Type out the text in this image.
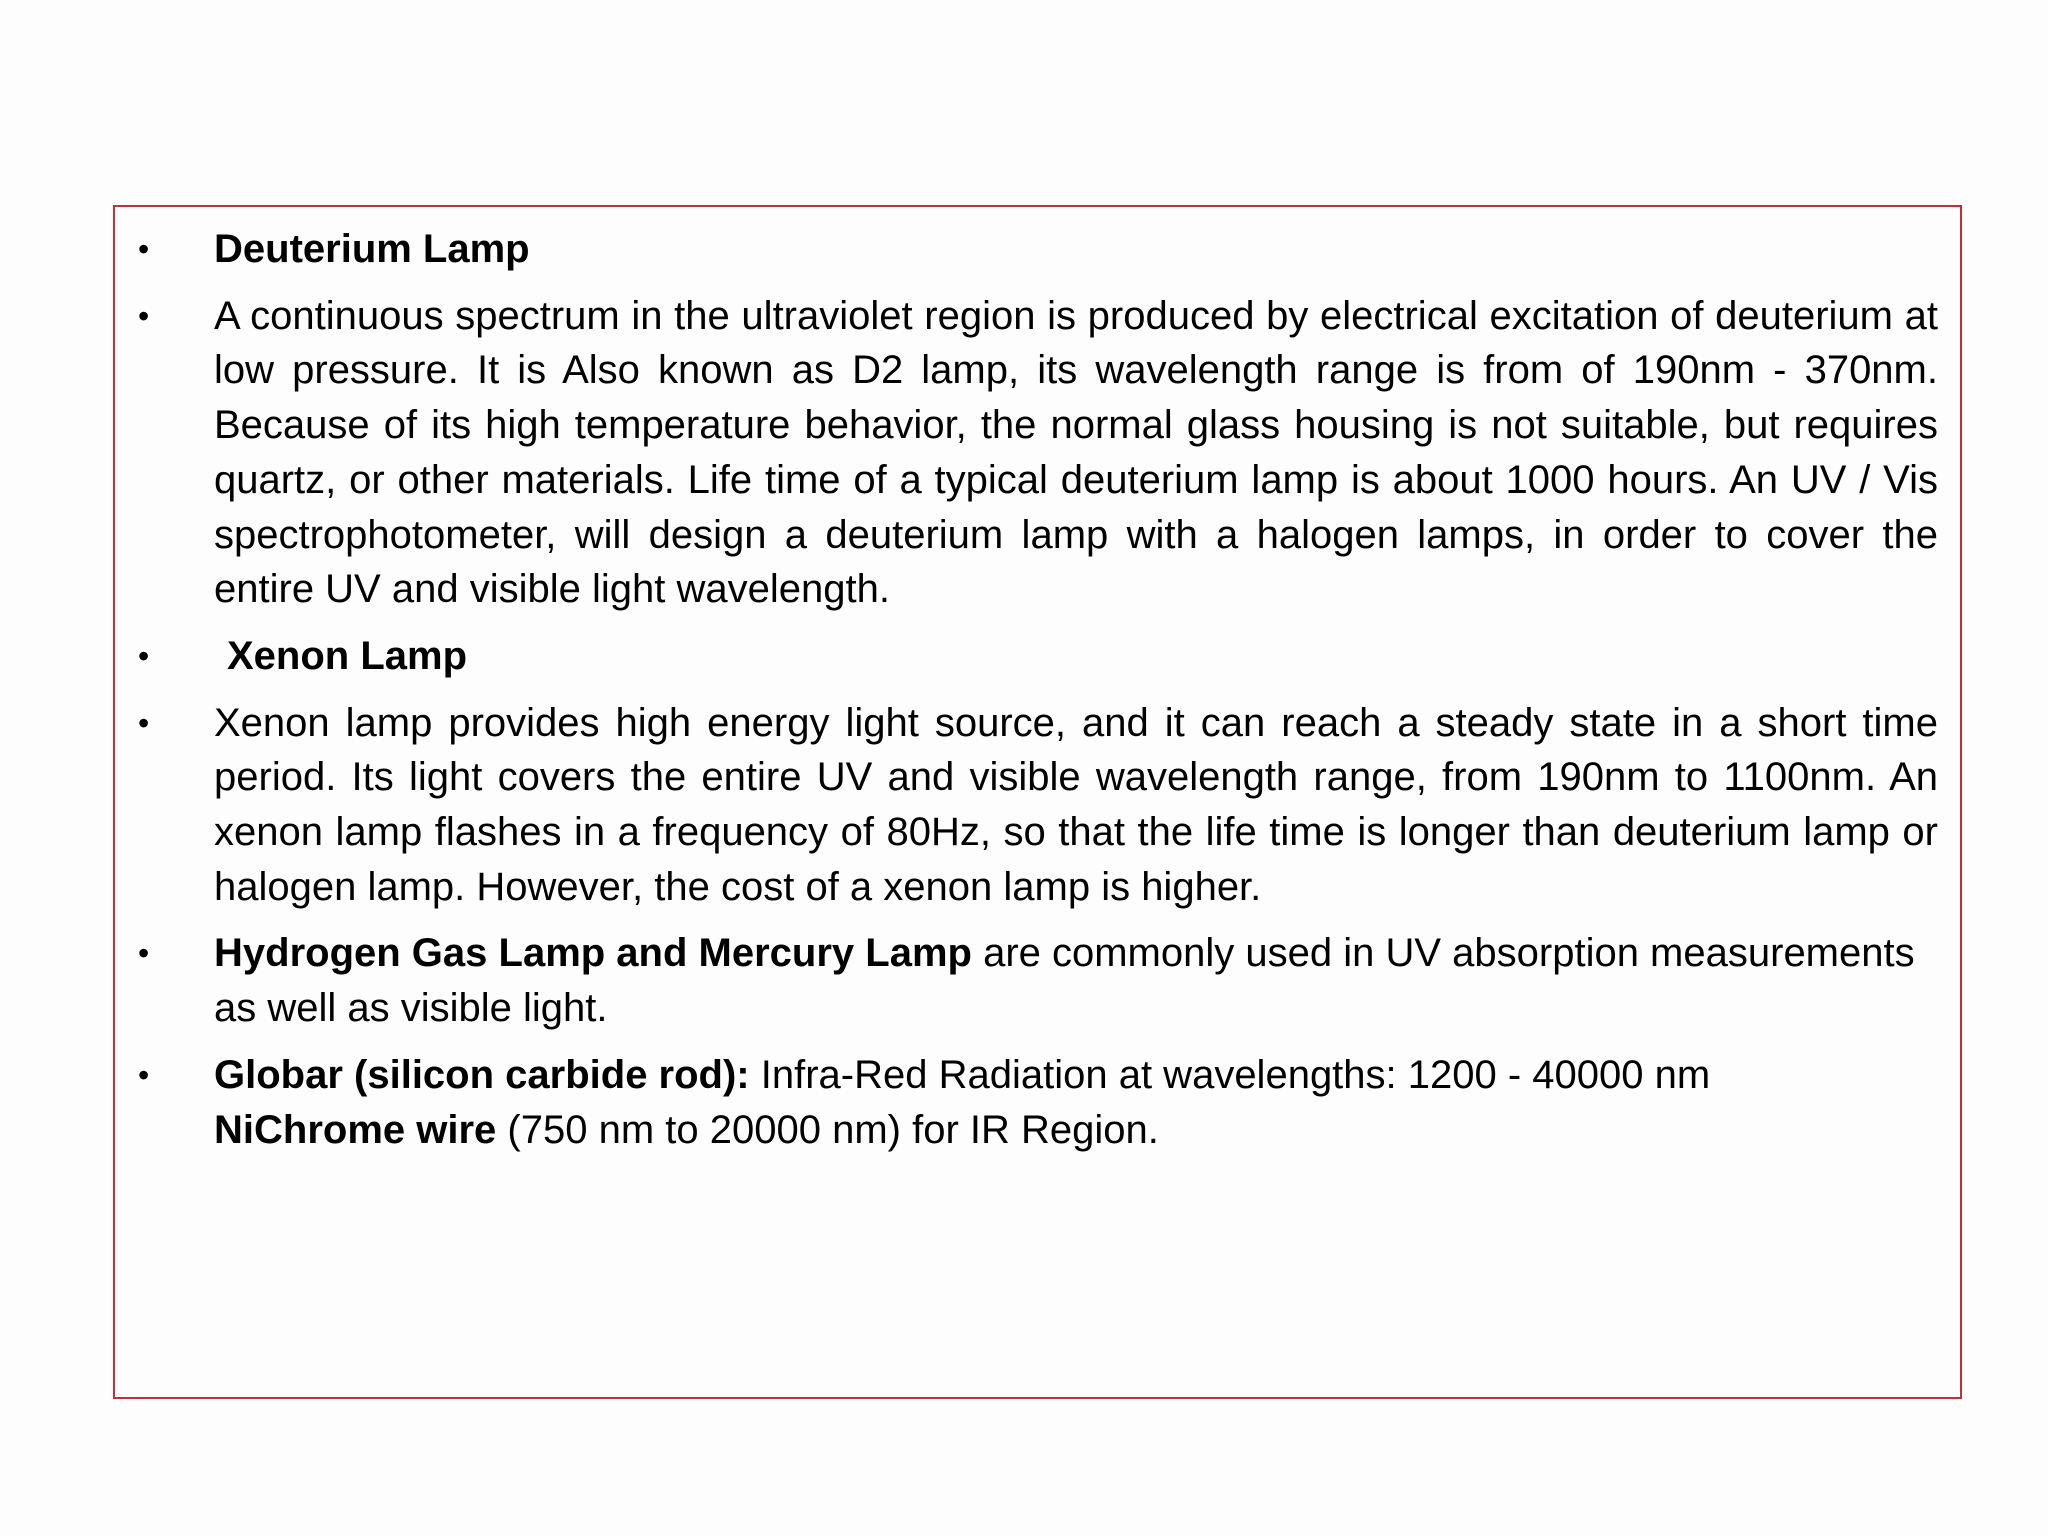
• Deuterium Lamp
• A continuous spectrum in the ultraviolet region is produced by electrical excitation of deuterium at low pressure. It is Also known as D2 lamp, its wavelength range is from of 190nm - 370nm. Because of its high temperature behavior, the normal glass housing is not suitable, but requires quartz, or other materials. Life time of a typical deuterium lamp is about 1000 hours. An UV / Vis spectrophotometer, will design a deuterium lamp with a halogen lamps, in order to cover the entire UV and visible light wavelength.
• Xenon Lamp
• Xenon lamp provides high energy light source, and it can reach a steady state in a short time period. Its light covers the entire UV and visible wavelength range, from 190nm to 1100nm. An xenon lamp flashes in a frequency of 80Hz, so that the life time is longer than deuterium lamp or halogen lamp. However, the cost of a xenon lamp is higher.
• Hydrogen Gas Lamp and Mercury Lamp are commonly used in UV absorption measurements as well as visible light.
• Globar (silicon carbide rod): Infra-Red Radiation at wavelengths: 1200 - 40000 nm
NiChrome wire (750 nm to 20000 nm) for IR Region.
